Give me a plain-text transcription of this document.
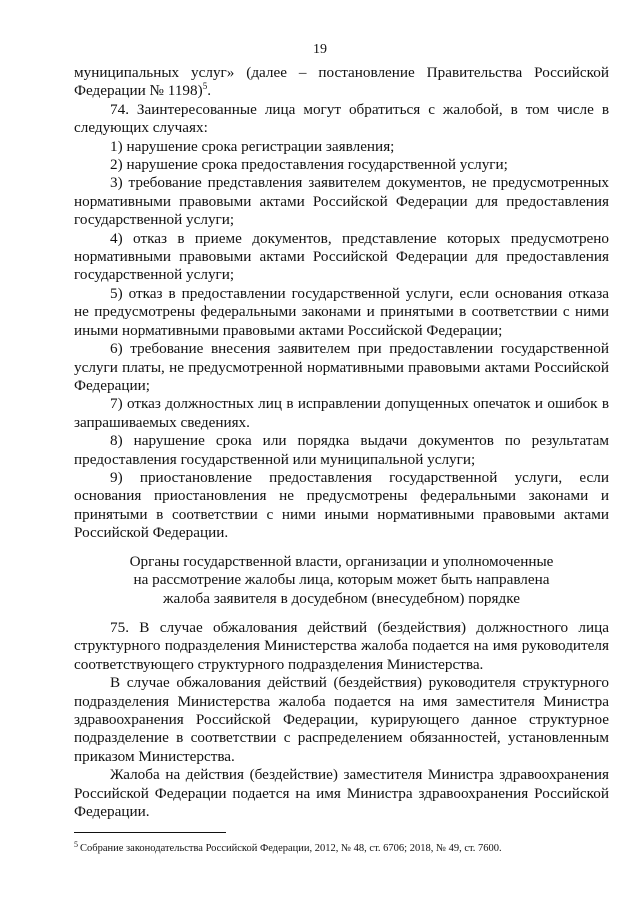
19

муниципальных услуг» (далее – постановление Правительства Российской Федерации № 1198)$^5$.

74. Заинтересованные лица могут обратиться с жалобой, в том числе в следующих случаях:

1) нарушение срока регистрации заявления;

2) нарушение срока предоставления государственной услуги;

3) требование представления заявителем документов, не предусмотренных нормативными правовыми актами Российской Федерации для предоставления государственной услуги;

4) отказ в приеме документов, представление которых предусмотрено нормативными правовыми актами Российской Федерации для предоставления государственной услуги;

5) отказ в предоставлении государственной услуги, если основания отказа не предусмотрены федеральными законами и принятыми в соответствии с ними иными нормативными правовыми актами Российской Федерации;

6) требование внесения заявителем при предоставлении государственной услуги платы, не предусмотренной нормативными правовыми актами Российской Федерации;

7) отказ должностных лиц в исправлении допущенных опечаток и ошибок в запрашиваемых сведениях.

8) нарушение срока или порядка выдачи документов по результатам предоставления государственной или муниципальной услуги;

9) приостановление предоставления государственной услуги, если основания приостановления не предусмотрены федеральными законами и принятыми в соответствии с ними иными нормативными правовыми актами Российской Федерации.

Органы государственной власти, организации и уполномоченные
на рассмотрение жалобы лица, которым может быть направлена
жалоба заявителя в досудебном (внесудебном) порядке

75. В случае обжалования действий (бездействия) должностного лица структурного подразделения Министерства жалоба подается на имя руководителя соответствующего структурного подразделения Министерства.

В случае обжалования действий (бездействия) руководителя структурного подразделения Министерства жалоба подается на имя заместителя Министра здравоохранения Российской Федерации, курирующего данное структурное подразделение в соответствии с распределением обязанностей, установленным приказом Министерства.

Жалоба на действия (бездействие) заместителя Министра здравоохранения Российской Федерации подается на имя Министра здравоохранения Российской Федерации.

$^5$ Собрание законодательства Российской Федерации, 2012, № 48, ст. 6706; 2018, № 49, ст. 7600.
